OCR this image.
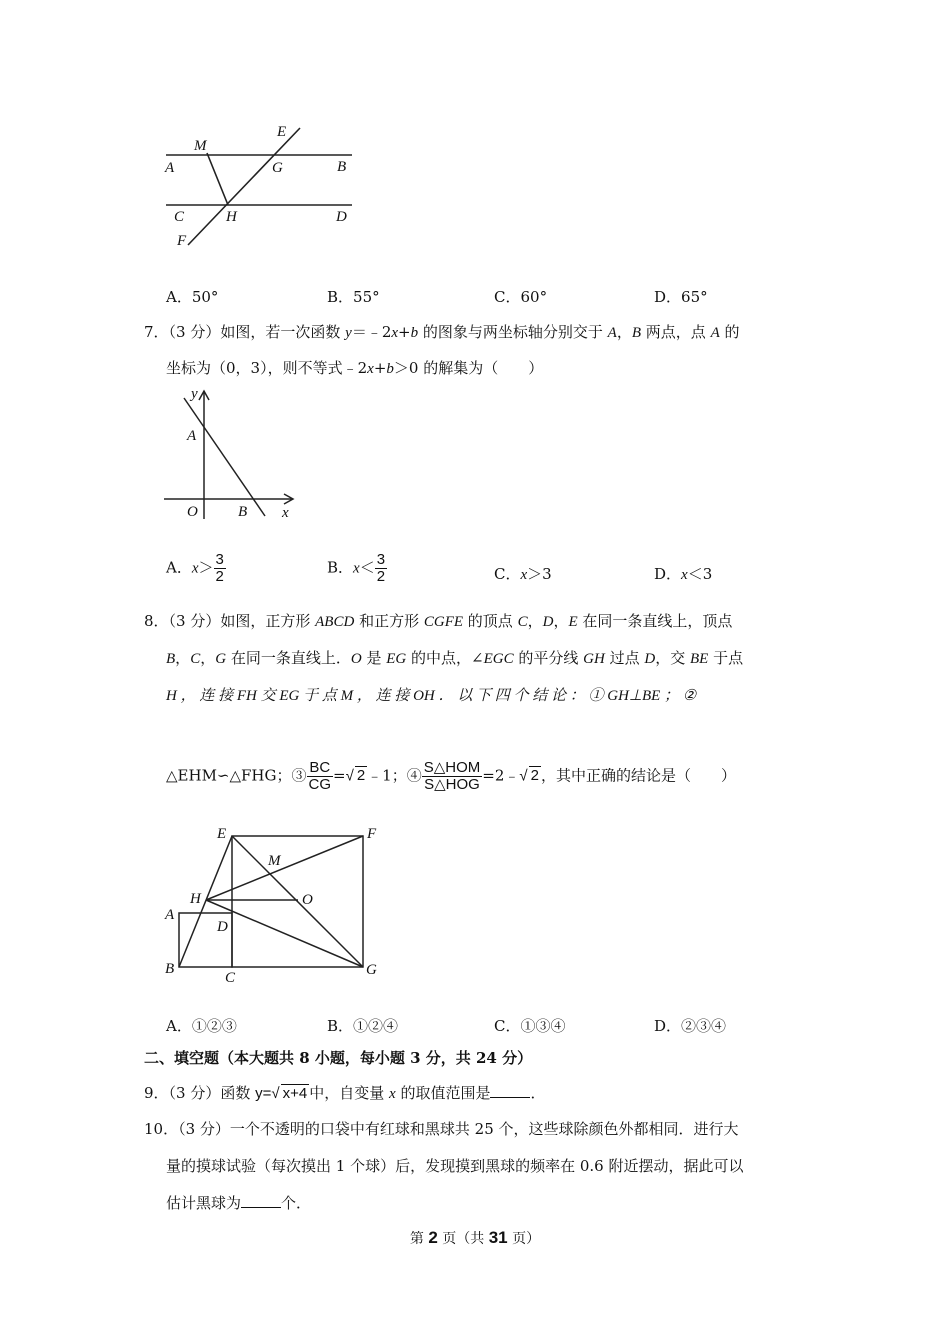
E
M
A	G	B
C	H	D
F
A．50°	B．55°	C．60°	D．65°
7．（3 分）如图，若一次函数 y＝﹣2x+b 的图象与两坐标轴分别交于 A，B 两点，点 A 的
坐标为（0，3），则不等式﹣2x+b＞0 的解集为（　　）
y
A
O	B x
A．$x> \frac{3}{2}$	B．$x< \frac{3}{2}$	C．x＞3	D．x＜3
8．（3 分）如图，正方形 ABCD 和正方形 CGFE 的顶点 C，D，E 在同一条直线上，顶点
B，C，G 在同一条直线上．O 是 EG 的中点，∠EGC 的平分线 GH 过点 D，交 BE 于点
H ， 连 接 FH 交 EG 于 点 M ， 连 接 OH ． 以 下 四 个 结 论 ： ① GH⊥BE ； ②
△EHM∽△FHG；③ $\frac{BC}{CG}$ =√ 2 ﹣1；④ $\frac{\text{S△HOM}}{\text{S△HOG}}$ =2﹣√ 2 ，其中正确的结论是（　　）
E	F
M
H	O
A
D
B
C	G
A．①②③	B．①②④	C．①③④	D．②③④
二、填空题（本大题共 8 小题，每小题 3 分，共 24 分）
9．（3 分）函数 y=√ x+4 中，自变量 x 的取值范围是	．
10．（3 分）一个不透明的口袋中有红球和黑球共 25 个，这些球除颜色外都相同．进行大
量的摸球试验（每次摸出 1 个球）后，发现摸到黑球的频率在 0.6 附近摆动，据此可以
估计黑球为	个．
第 2 页（共 31 页）
